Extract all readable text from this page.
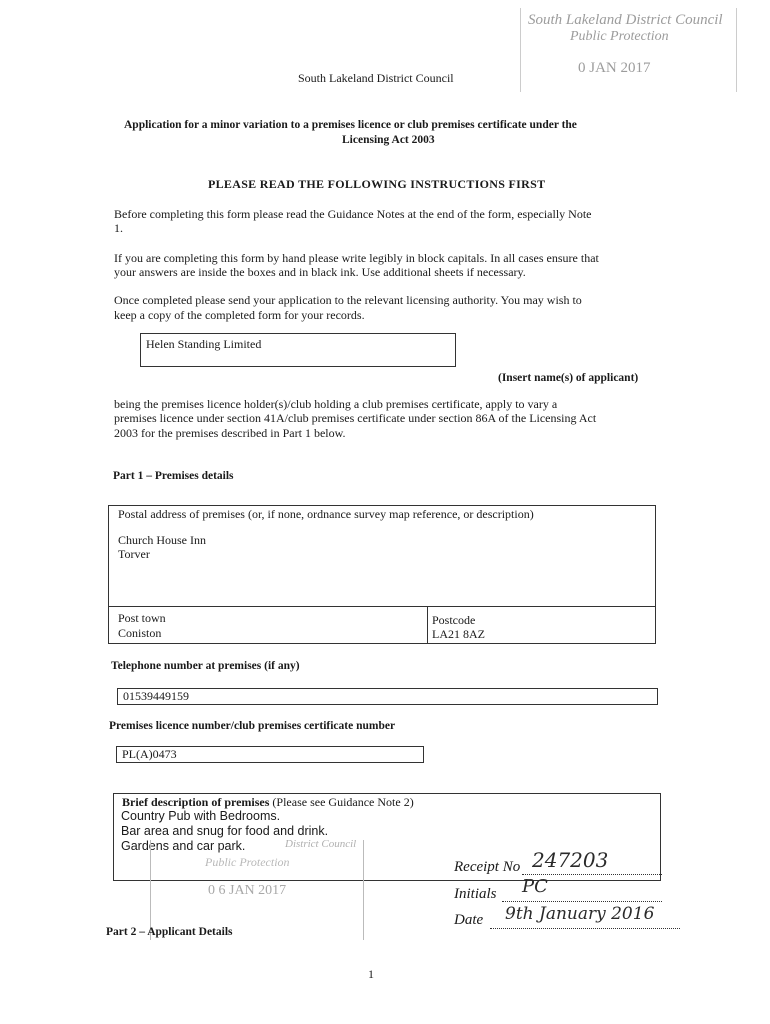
South Lakeland District Council
Public Protection
0 JAN 2017
South Lakeland District Council
Application for a minor variation to a premises licence or club premises certificate under the
Licensing Act 2003
PLEASE READ THE FOLLOWING INSTRUCTIONS FIRST
Before completing this form please read the Guidance Notes at the end of the form, especially Note
1.
If you are completing this form by hand please write legibly in block capitals. In all cases ensure that
your answers are inside the boxes and in black ink. Use additional sheets if necessary.
Once completed please send your application to the relevant licensing authority. You may wish to
keep a copy of the completed form for your records.
Helen Standing Limited
(Insert name(s) of applicant)
being the premises licence holder(s)/club holding a club premises certificate, apply to vary a
premises licence under section 41A/club premises certificate under section 86A of the Licensing Act
2003 for the premises described in Part 1 below.
Part 1 – Premises details
Postal address of premises (or, if none, ordnance survey map reference, or description)
Church House Inn
Torver
Post town
Coniston
Postcode
LA21 8AZ
Telephone number at premises (if any)
01539449159
Premises licence number/club premises certificate number
PL(A)0473
Brief description of premises (Please see Guidance Note 2)
Country Pub with Bedrooms.
Bar area and snug for food and drink.
Gardens and car park.	District Council
Public Protection
0 6 JAN 2017
Receipt No 247203
Initials PC
Date 9th January 2016
Part 2 – Applicant Details
1
